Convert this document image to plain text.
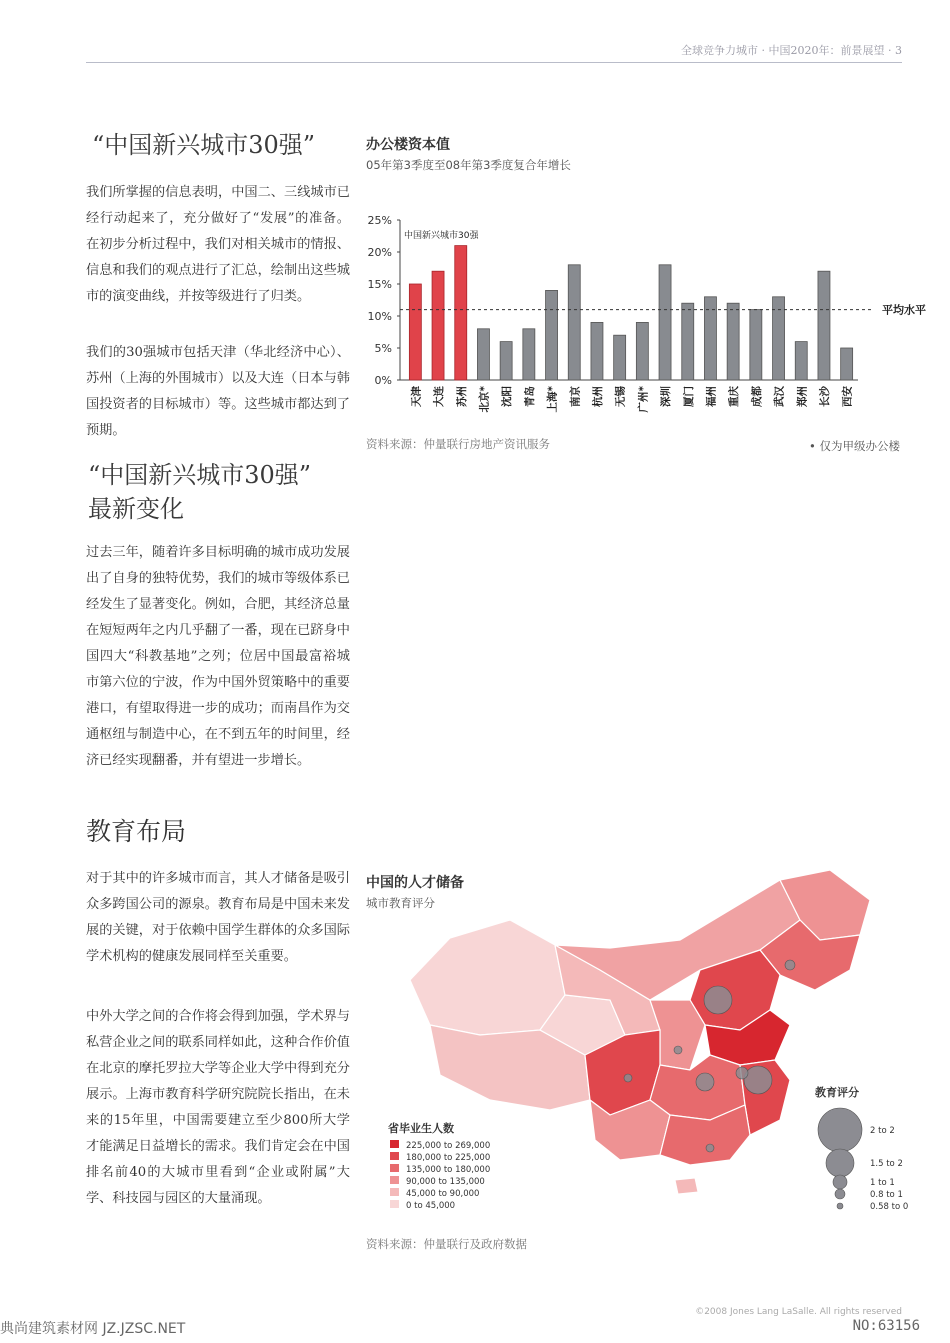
全球竞争力城市 · 中国2020年：前景展望 · 3
“中国新兴城市30强”

我们所掌握的信息表明，中国二、三线城市已经行动起来了，充分做好了“发展”的准备。在初步分析过程中，我们对相关城市的情报、信息和我们的观点进行了汇总，绘制出这些城市的演变曲线，并按等级进行了归类。

我们的30强城市包括天津（华北经济中心）、苏州（上海的外围城市）以及大连（日本与韩国投资者的目标城市）等。这些城市都达到了预期。

“中国新兴城市30强”
最新变化

过去三年，随着许多目标明确的城市成功发展出了自身的独特优势，我们的城市等级体系已经发生了显著变化。例如，合肥，其经济总量在短短两年之内几乎翻了一番，现在已跻身中国四大“科教基地”之列；位居中国最富裕城市第六位的宁波，作为中国外贸策略中的重要港口，有望取得进一步的成功；而南昌作为交通枢纽与制造中心，在不到五年的时间里，经济已经实现翻番，并有望进一步增长。

教育布局

对于其中的许多城市而言，其人才储备是吸引众多跨国公司的源泉。教育布局是中国未来发展的关键，对于依赖中国学生群体的众多国际学术机构的健康发展同样至关重要。

中外大学之间的合作将会得到加强，学术界与私营企业之间的联系同样如此，这种合作价值在北京的摩托罗拉大学等企业大学中得到充分展示。上海市教育科学研究院院长指出，在未来的15年里，中国需要建立至少800所大学才能满足日益增长的需求。我们肯定会在中国排名前40的大城市里看到“企业或附属”大学、科技园与园区的大量涌现。

办公楼资本值
05年第3季度至08年第3季度复合年增长
0%
5%
10%
15%
20%
25%
天津 大连 苏州 北京* 沈阳 青岛 上海* 南京 杭州 无锡 广州* 深圳 厦门 福州 重庆 成都 武汉 郑州 长沙 西安
平均水平
中国新兴城市30强
资料来源：仲量联行房地产资讯服务	• 仅为甲级办公楼
中国的人才储备
城市教育评分
省毕业生人数
225,000 to 269,000
180,000 to 225,000
135,000 to 180,000
90,000 to 135,000
45,000 to 90,000
0 to 45,000
教育评分
2 to 2
1.5 to 2
1 to 1
0.8 to 1
0.58 to 0
资料来源：仲量联行及政府数据
©2008 Jones Lang LaSalle. All rights reserved
典尚建筑素材网 JZ.JZSC.NET	NO:63156
